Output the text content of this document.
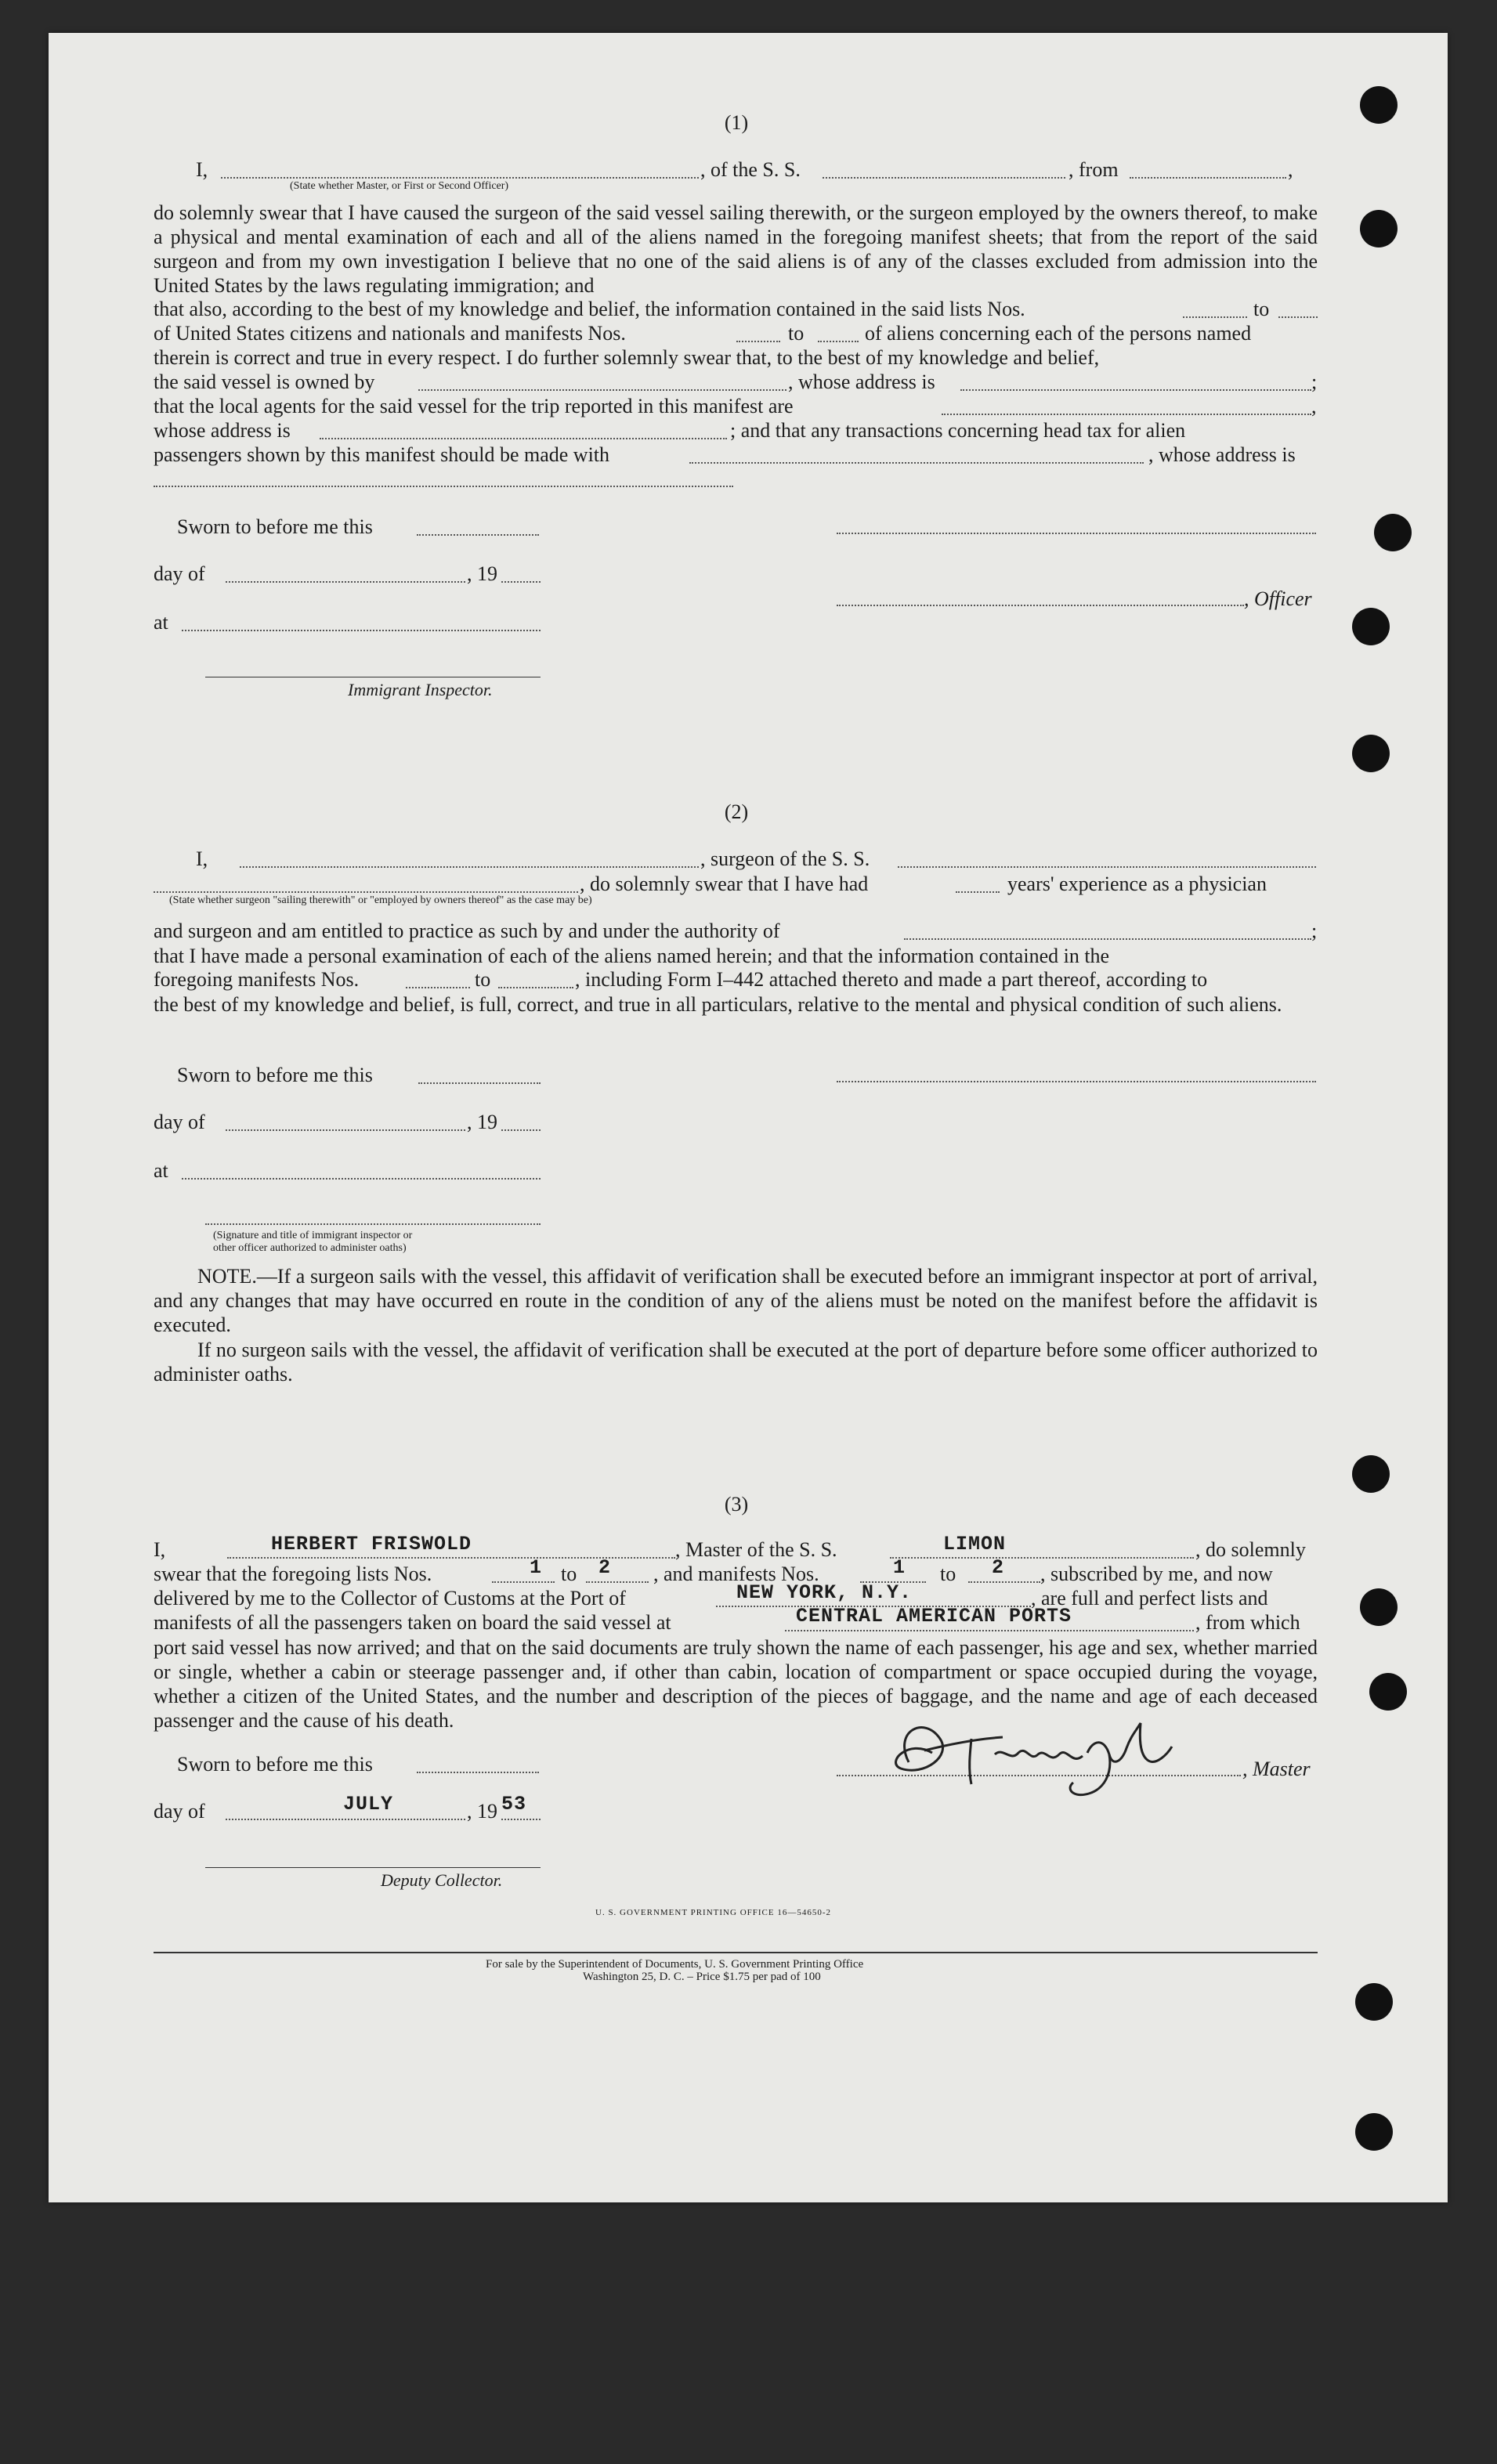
(1)
I,	, of the S. S.	, from	,
(State whether Master, or First or Second Officer)
do solemnly swear that I have caused the surgeon of the said vessel sailing therewith, or the surgeon employed by the owners thereof, to make a physical and mental examination of each and all of the aliens named in the foregoing manifest sheets; that from the report of the said surgeon and from my own investigation I believe that no one of the said aliens is of any of the classes excluded from admission into the United States by the laws regulating immigration; and
that also, according to the best of my knowledge and belief, the information contained in the said lists Nos.	to
of United States citizens and nationals and manifests Nos.	to	of aliens concerning each of the persons named
therein is correct and true in every respect. I do further solemnly swear that, to the best of my knowledge and belief,
the said vessel is owned by	, whose address is	;
that the local agents for the said vessel for the trip reported in this manifest are	,
whose address is	; and that any transactions concerning head tax for alien
passengers shown by this manifest should be made with	, whose address is
Sworn to before me this
day of	, 19
, Officer
at
Immigrant Inspector.
(2)
I,	, surgeon of the S. S.
, do solemnly swear that I have had	years' experience as a physician
(State whether surgeon "sailing therewith" or "employed by owners thereof" as the case may be)
and surgeon and am entitled to practice as such by and under the authority of	;
that I have made a personal examination of each of the aliens named herein; and that the information contained in the
foregoing manifests Nos.	to	, including Form I–442 attached thereto and made a part thereof, according to
the best of my knowledge and belief, is full, correct, and true in all particulars, relative to the mental and physical condition of such aliens.
Sworn to before me this
day of	, 19
at
(Signature and title of immigrant inspector or
other officer authorized to administer oaths)
NOTE.—If a surgeon sails with the vessel, this affidavit of verification shall be executed before an immigrant inspector at port of arrival, and any changes that may have occurred en route in the condition of any of the aliens must be noted on the manifest before the affidavit is executed.
If no surgeon sails with the vessel, the affidavit of verification shall be executed at the port of departure before some officer authorized to administer oaths.
(3)
I,	HERBERT FRISWOLD	, Master of the S. S.	LIMON	, do solemnly
swear that the foregoing lists Nos.	1 to 2 , and manifests Nos.	1 to 2 , subscribed by me, and now
delivered by me to the Collector of Customs at the Port of	NEW YORK, N.Y.	, are full and perfect lists and
manifests of all the passengers taken on board the said vessel at	CENTRAL AMERICAN PORTS	, from which
port said vessel has now arrived; and that on the said documents are truly shown the name of each passenger, his age and sex, whether married or single, whether a cabin or steerage passenger and, if other than cabin, location of compartment or space occupied during the voyage, whether a citizen of the United States, and the number and description of the pieces of baggage, and the name and age of each deceased passenger and the cause of his death.
Sworn to before me this	, Master
day of	JULY	, 19 53
Deputy Collector.
U. S. GOVERNMENT PRINTING OFFICE 16—54650-2
For sale by the Superintendent of Documents, U. S. Government Printing Office
Washington 25, D. C. – Price $1.75 per pad of 100
